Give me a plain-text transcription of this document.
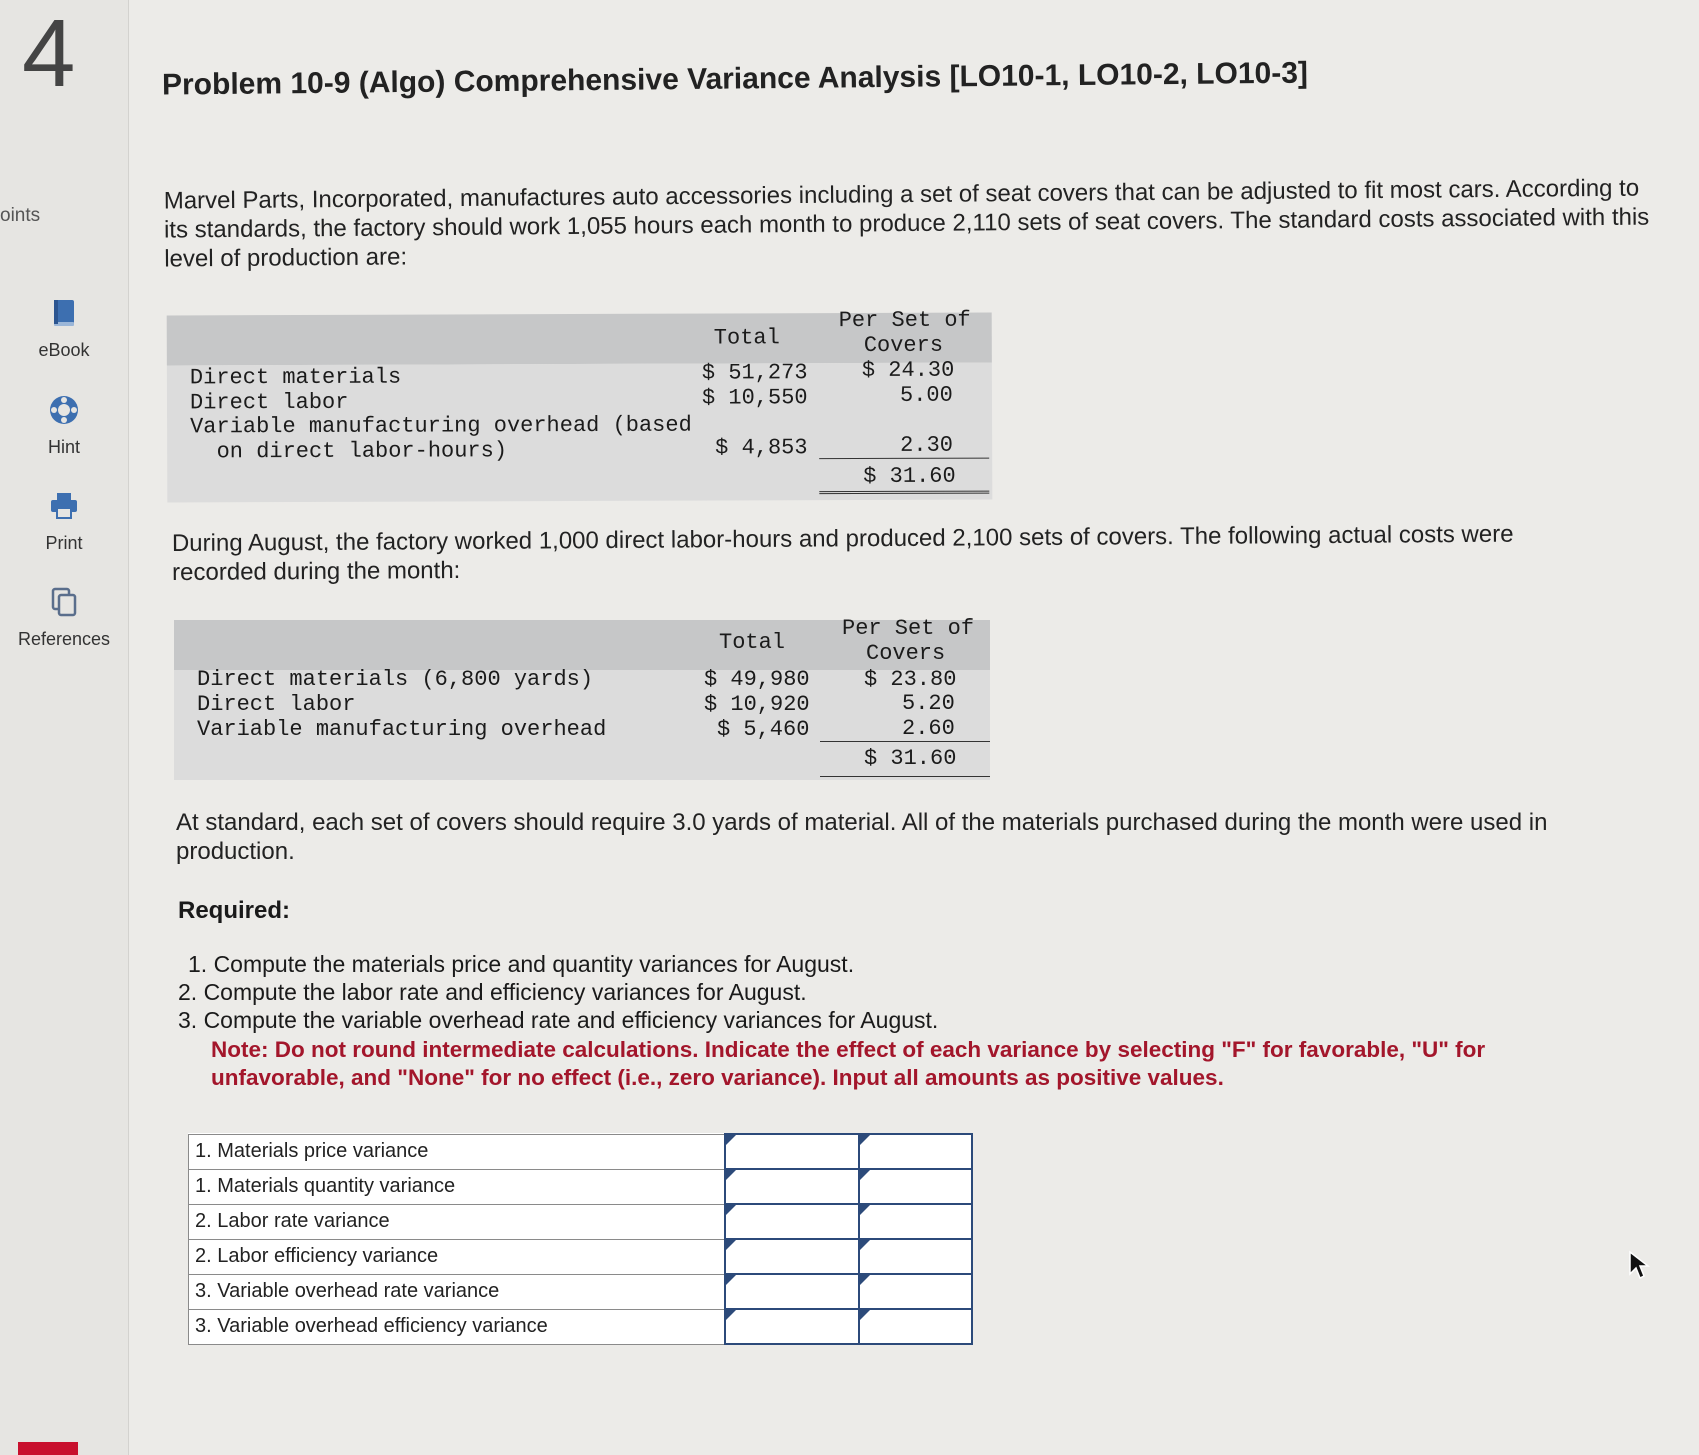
4
oints
eBook
Hint
Print
References
Problem 10-9 (Algo) Comprehensive Variance Analysis [LO10-1, LO10-2, LO10-3]
Marvel Parts, Incorporated, manufactures auto accessories including a set of seat covers that can be adjusted to fit most cars. According to its standards, the factory should work 1,055 hours each month to produce 2,110 sets of seat covers. The standard costs associated with this level of production are:
Total
Per Set of
Covers
Direct materials	$ 51,273 $ 24.30
Direct labor	$ 10,550	5.00
Variable manufacturing overhead (based
on direct labor-hours)	$ 4,853	2.30
$ 31.60
During August, the factory worked 1,000 direct labor-hours and produced 2,100 sets of covers. The following actual costs were recorded during the month:
Total
Per Set of
Covers
Direct materials (6,800 yards)	$ 49,980 $ 23.80
Direct labor	$ 10,920	5.20
Variable manufacturing overhead	$ 5,460	2.60
$ 31.60
At standard, each set of covers should require 3.0 yards of material. All of the materials purchased during the month were used in production.
Required:
1. Compute the materials price and quantity variances for August.
2. Compute the labor rate and efficiency variances for August.
3. Compute the variable overhead rate and efficiency variances for August.
Note: Do not round intermediate calculations. Indicate the effect of each variance by selecting "F" for favorable, "U" for unfavorable, and "None" for no effect (i.e., zero variance). Input all amounts as positive values.
1. Materials price variance	

1. Materials quantity variance	

2. Labor rate variance	

2. Labor efficiency variance	

3. Variable overhead rate variance	

3. Variable overhead efficiency variance	
